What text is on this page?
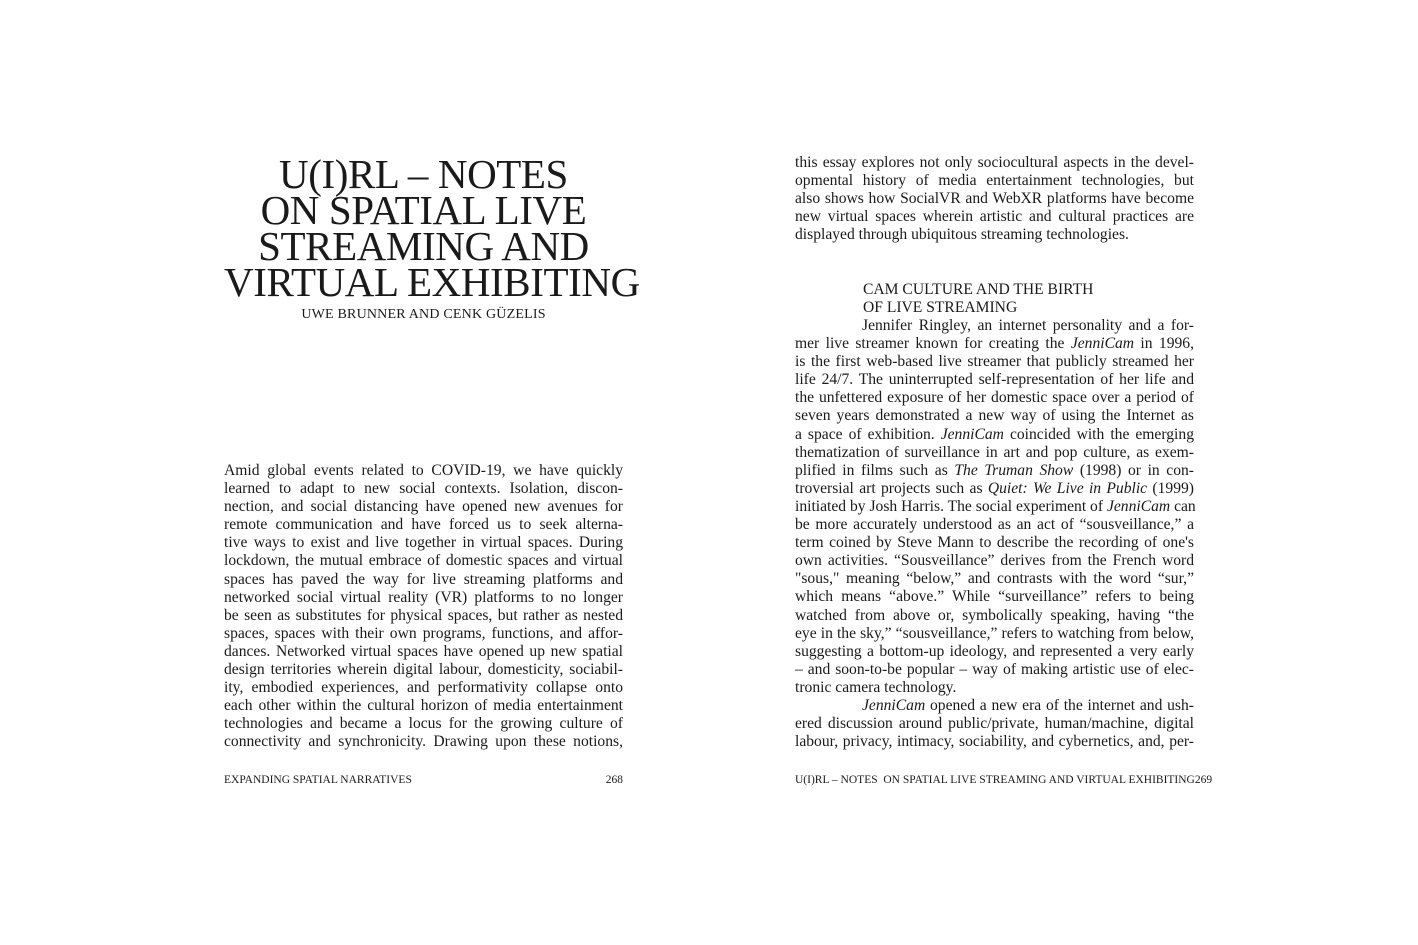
U(I)RL – NOTES
ON SPATIAL LIVE
STREAMING AND
VIRTUAL EXHIBITING
UWE BRUNNER AND CENK GÜZELIS
Amid global events related to COVID-19, we have quickly
learned to adapt to new social contexts. Isolation, discon-
nection, and social distancing have opened new avenues for
remote communication and have forced us to seek alterna-
tive ways to exist and live together in virtual spaces. During
lockdown, the mutual embrace of domestic spaces and virtual
spaces has paved the way for live streaming platforms and
networked social virtual reality (VR) platforms to no longer
be seen as substitutes for physical spaces, but rather as nested
spaces, spaces with their own programs, functions, and affor-
dances. Networked virtual spaces have opened up new spatial
design territories wherein digital labour, domesticity, sociabil-
ity, embodied experiences, and performativity collapse onto
each other within the cultural horizon of media entertainment
technologies and became a locus for the growing culture of
connectivity and synchronicity. Drawing upon these notions,
EXPANDING SPATIAL NARRATIVES	268
this essay explores not only sociocultural aspects in the devel-
opmental history of media entertainment technologies, but
also shows how SocialVR and WebXR platforms have become
new virtual spaces wherein artistic and cultural practices are
displayed through ubiquitous streaming technologies.
CAM CULTURE AND THE BIRTH
OF LIVE STREAMING
Jennifer Ringley, an internet personality and a for-
mer live streamer known for creating the JenniCam in 1996,
is the first web-based live streamer that publicly streamed her
life 24/7. The uninterrupted self-representation of her life and
the unfettered exposure of her domestic space over a period of
seven years demonstrated a new way of using the Internet as
a space of exhibition. JenniCam coincided with the emerging
thematization of surveillance in art and pop culture, as exem-
plified in films such as The Truman Show (1998) or in con-
troversial art projects such as Quiet: We Live in Public (1999)
initiated by Josh Harris. The social experiment of JenniCam can
be more accurately understood as an act of “sousveillance,” a
term coined by Steve Mann to describe the recording of one's
own activities. “Sousveillance” derives from the French word
"sous," meaning “below,” and contrasts with the word “sur,”
which means “above.” While “surveillance” refers to being
watched from above or, symbolically speaking, having “the
eye in the sky,” “sousveillance,” refers to watching from below,
suggesting a bottom-up ideology, and represented a very early
– and soon-to-be popular – way of making artistic use of elec-
tronic camera technology.
JenniCam opened a new era of the internet and ush-
ered discussion around public/private, human/machine, digital
labour, privacy, intimacy, sociability, and cybernetics, and, per-
U(I)RL – NOTES  ON SPATIAL LIVE STREAMING AND VIRTUAL EXHIBITING 269
